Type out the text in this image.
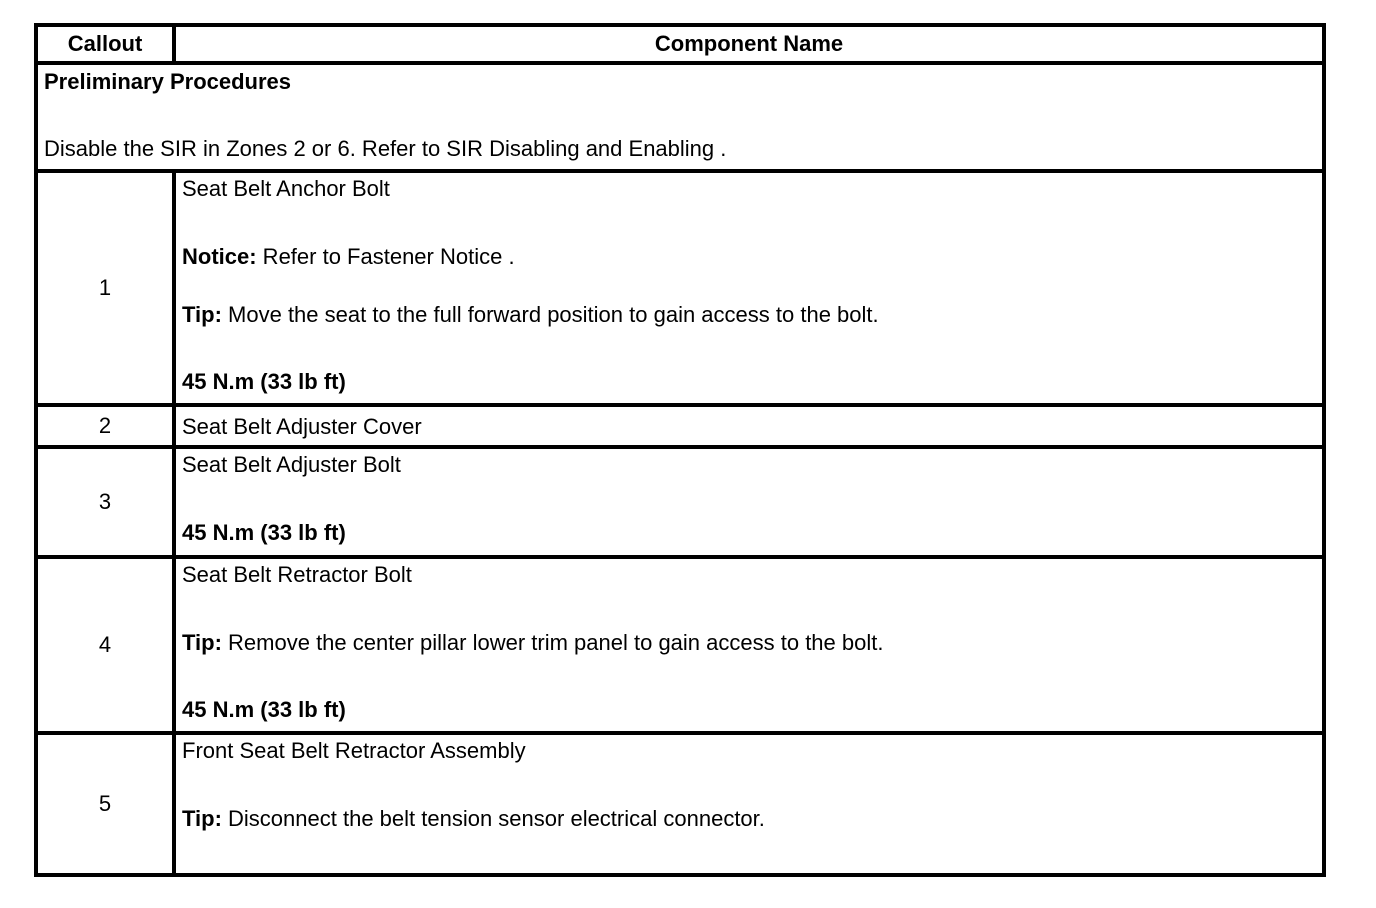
Callout	Component Name

Preliminary Procedures
Disable the SIR in Zones 2 or 6. Refer to SIR Disabling and Enabling .	

1	Seat Belt Anchor Bolt
Notice: Refer to Fastener Notice .
Tip: Move the seat to the full forward position to gain access to the bolt.
45 N.m (33 lb ft)

2	Seat Belt Adjuster Cover

3	Seat Belt Adjuster Bolt
45 N.m (33 lb ft)

4	Seat Belt Retractor Bolt
Tip: Remove the center pillar lower trim panel to gain access to the bolt.
45 N.m (33 lb ft)

5	Front Seat Belt Retractor Assembly
Tip: Disconnect the belt tension sensor electrical connector.
